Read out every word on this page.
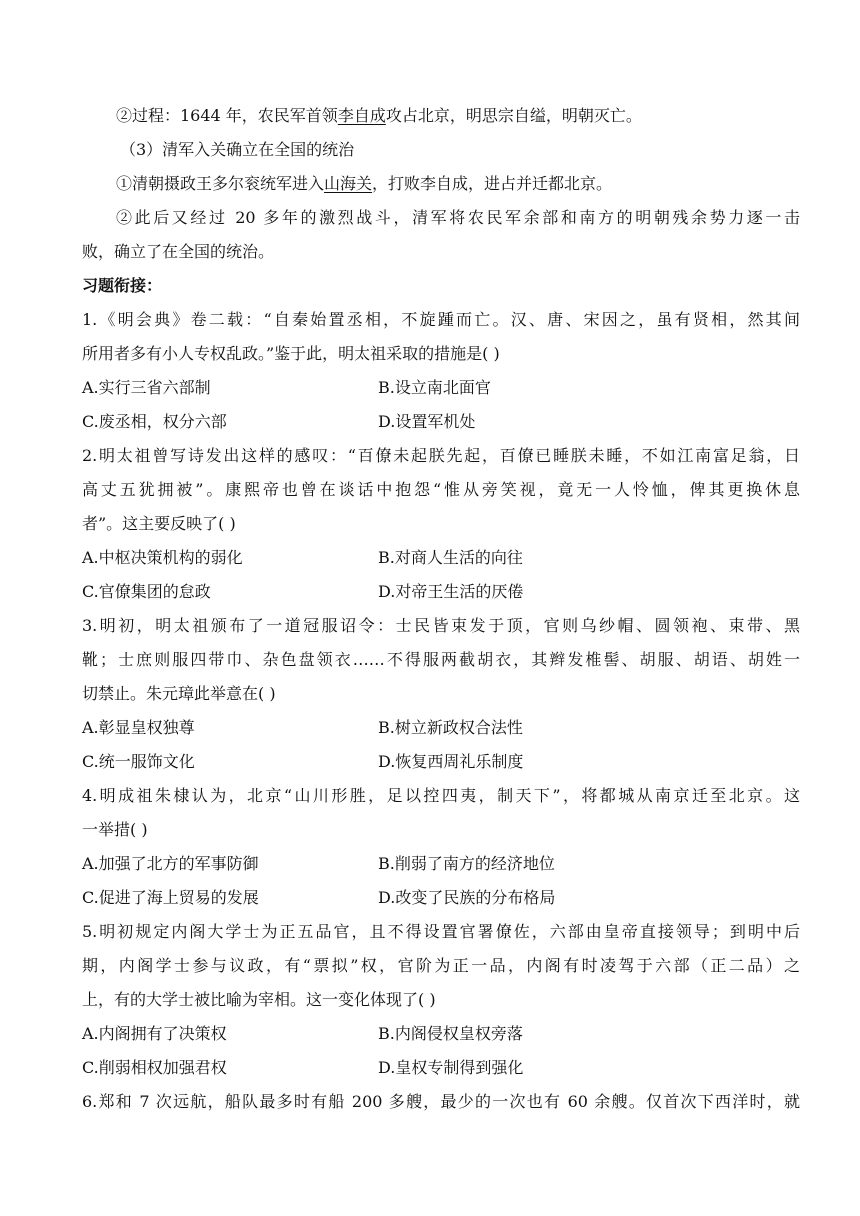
②过程：1644 年，农民军首领李自成攻占北京，明思宗自缢，明朝灭亡。
（3）清军入关确立在全国的统治
①清朝摄政王多尔衮统军进入山海关，打败李自成，进占并迁都北京。
②此后又经过 20 多年的激烈战斗，清军将农民军余部和南方的明朝残余势力逐一击
败，确立了在全国的统治。
习题衔接：
1.《明会典》卷二载：“自秦始置丞相，不旋踵而亡。汉、唐、宋因之，虽有贤相，然其间
所用者多有小人专权乱政。”鉴于此，明太祖采取的措施是( )
A.实行三省六部制	B.设立南北面官
C.废丞相，权分六部	D.设置军机处
2.明太祖曾写诗发出这样的感叹：“百僚未起朕先起，百僚已睡朕未睡，不如江南富足翁，日
高丈五犹拥被”。康熙帝也曾在谈话中抱怨“惟从旁笑视，竟无一人怜恤，俾其更换休息
者”。这主要反映了( )
A.中枢决策机构的弱化	B.对商人生活的向往
C.官僚集团的怠政	D.对帝王生活的厌倦
3.明初，明太祖颁布了一道冠服诏令：士民皆束发于顶，官则乌纱帽、圆领袍、束带、黑
靴；士庶则服四带巾、杂色盘领衣……不得服两截胡衣，其辫发椎髻、胡服、胡语、胡姓一
切禁止。朱元璋此举意在( )
A.彰显皇权独尊	B.树立新政权合法性
C.统一服饰文化	D.恢复西周礼乐制度
4.明成祖朱棣认为，北京“山川形胜，足以控四夷，制天下”，将都城从南京迁至北京。这
一举措( )
A.加强了北方的军事防御	B.削弱了南方的经济地位
C.促进了海上贸易的发展	D.改变了民族的分布格局
5.明初规定内阁大学士为正五品官，且不得设置官署僚佐，六部由皇帝直接领导；到明中后
期，内阁学士参与议政，有“票拟”权，官阶为正一品，内阁有时凌驾于六部（正二品）之
上，有的大学士被比喻为宰相。这一变化体现了( )
A.内阁拥有了决策权	B.内阁侵权皇权旁落
C.削弱相权加强君权	D.皇权专制得到强化
6.郑和 7 次远航，船队最多时有船 200 多艘，最少的一次也有 60 余艘。仅首次下西洋时，就
